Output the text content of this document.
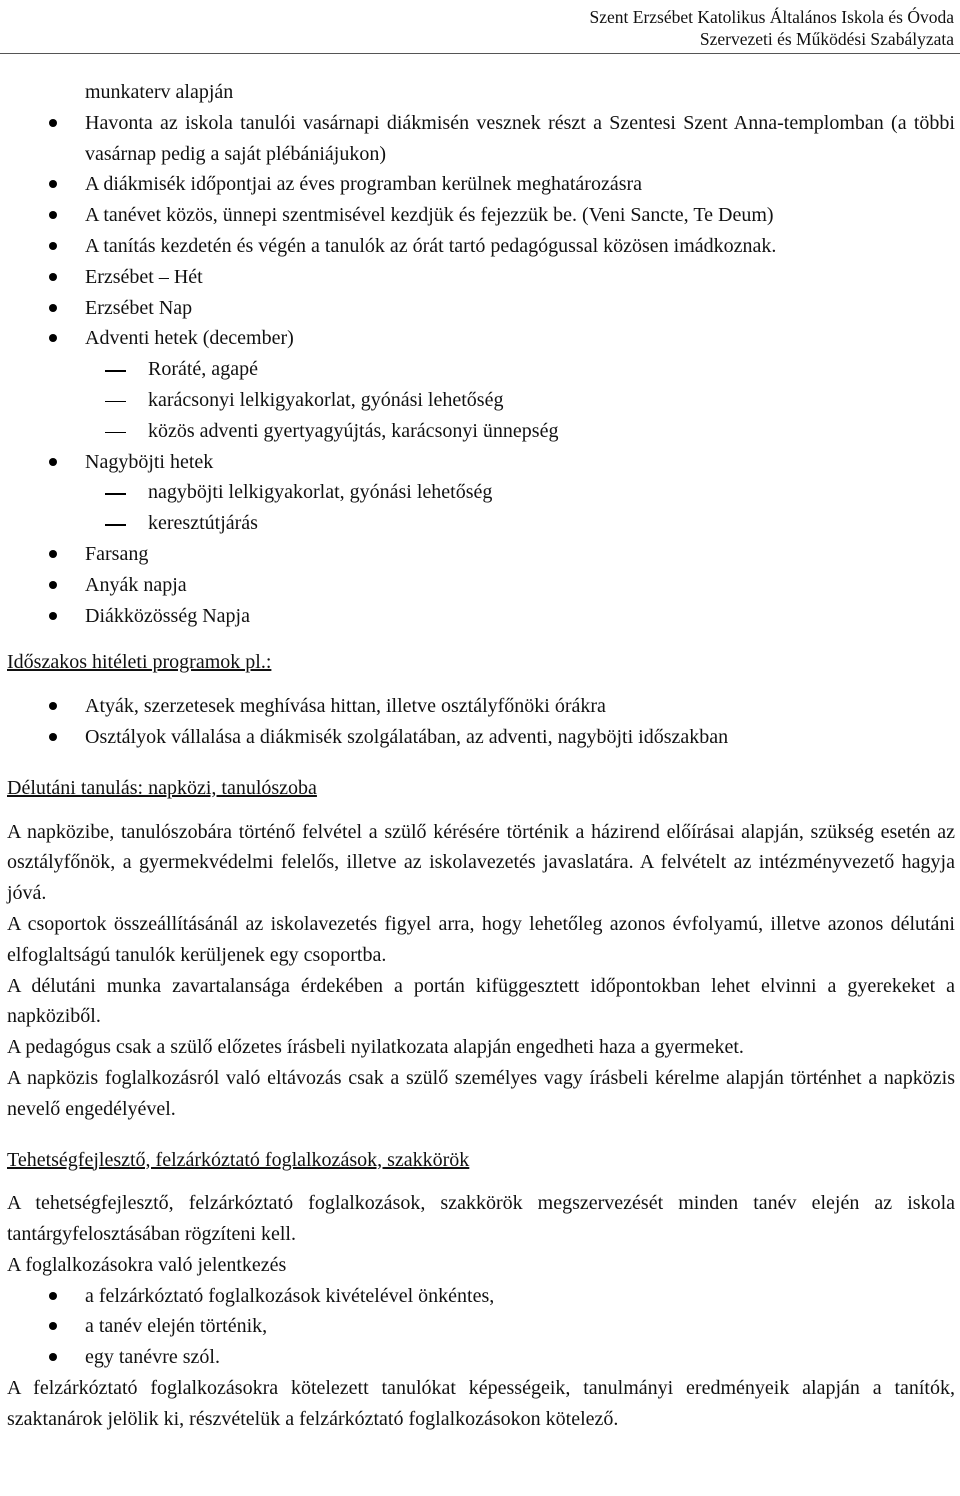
Szent Erzsébet Katolikus Általános Iskola és Óvoda
Szervezeti és Működési Szabályzata

munkaterv alapján

Havonta az iskola tanulói vasárnapi diákmisén vesznek részt a Szentesi Szent Anna-templomban (a többi vasárnap pedig a saját plébániájukon)

A diákmisék időpontjai az éves programban kerülnek meghatározásra

A tanévet közös, ünnepi szentmisével kezdjük és fejezzük be. (Veni Sancte, Te Deum)

A tanítás kezdetén és végén a tanulók az órát tartó pedagógussal közösen imádkoznak.

Erzsébet – Hét

Erzsébet Nap

Adventi hetek (december)

Roráté, agapé

karácsonyi lelkigyakorlat, gyónási lehetőség

közös adventi gyertyagyújtás, karácsonyi ünnepség

Nagyböjti hetek

nagyböjti lelkigyakorlat, gyónási lehetőség

keresztútjárás

Farsang

Anyák napja

Diákközösség Napja

Időszakos hitéleti programok pl.:

Atyák, szerzetesek meghívása hittan, illetve osztályfőnöki órákra

Osztályok vállalása a diákmisék szolgálatában, az adventi, nagyböjti időszakban

Délutáni tanulás: napközi, tanulószoba

A napközibe, tanulószobára történő felvétel a szülő kérésére történik a házirend előírásai alapján, szükség esetén az osztályfőnök, a gyermekvédelmi felelős, illetve az iskolavezetés javaslatára. A felvételt az intézményvezető hagyja jóvá.

A csoportok összeállításánál az iskolavezetés figyel arra, hogy lehetőleg azonos évfolyamú, illetve azonos délutáni elfoglaltságú tanulók kerüljenek egy csoportba.

A délutáni munka zavartalansága érdekében a portán kifüggesztett időpontokban lehet elvinni a gyerekeket a napköziből.

A pedagógus csak a szülő előzetes írásbeli nyilatkozata alapján engedheti haza a gyermeket.

A napközis foglalkozásról való eltávozás csak a szülő személyes vagy írásbeli kérelme alapján történhet a napközis nevelő engedélyével.

Tehetségfejlesztő, felzárkóztató foglalkozások, szakkörök

A tehetségfejlesztő, felzárkóztató foglalkozások, szakkörök megszervezését minden tanév elején az iskola tantárgyfelosztásában rögzíteni kell.

A foglalkozásokra való jelentkezés

a felzárkóztató foglalkozások kivételével önkéntes,

a tanév elején történik,

egy tanévre szól.

A felzárkóztató foglalkozásokra kötelezett tanulókat képességeik, tanulmányi eredményeik alapján a tanítók, szaktanárok jelölik ki, részvételük a felzárkóztató foglalkozásokon kötelező.
